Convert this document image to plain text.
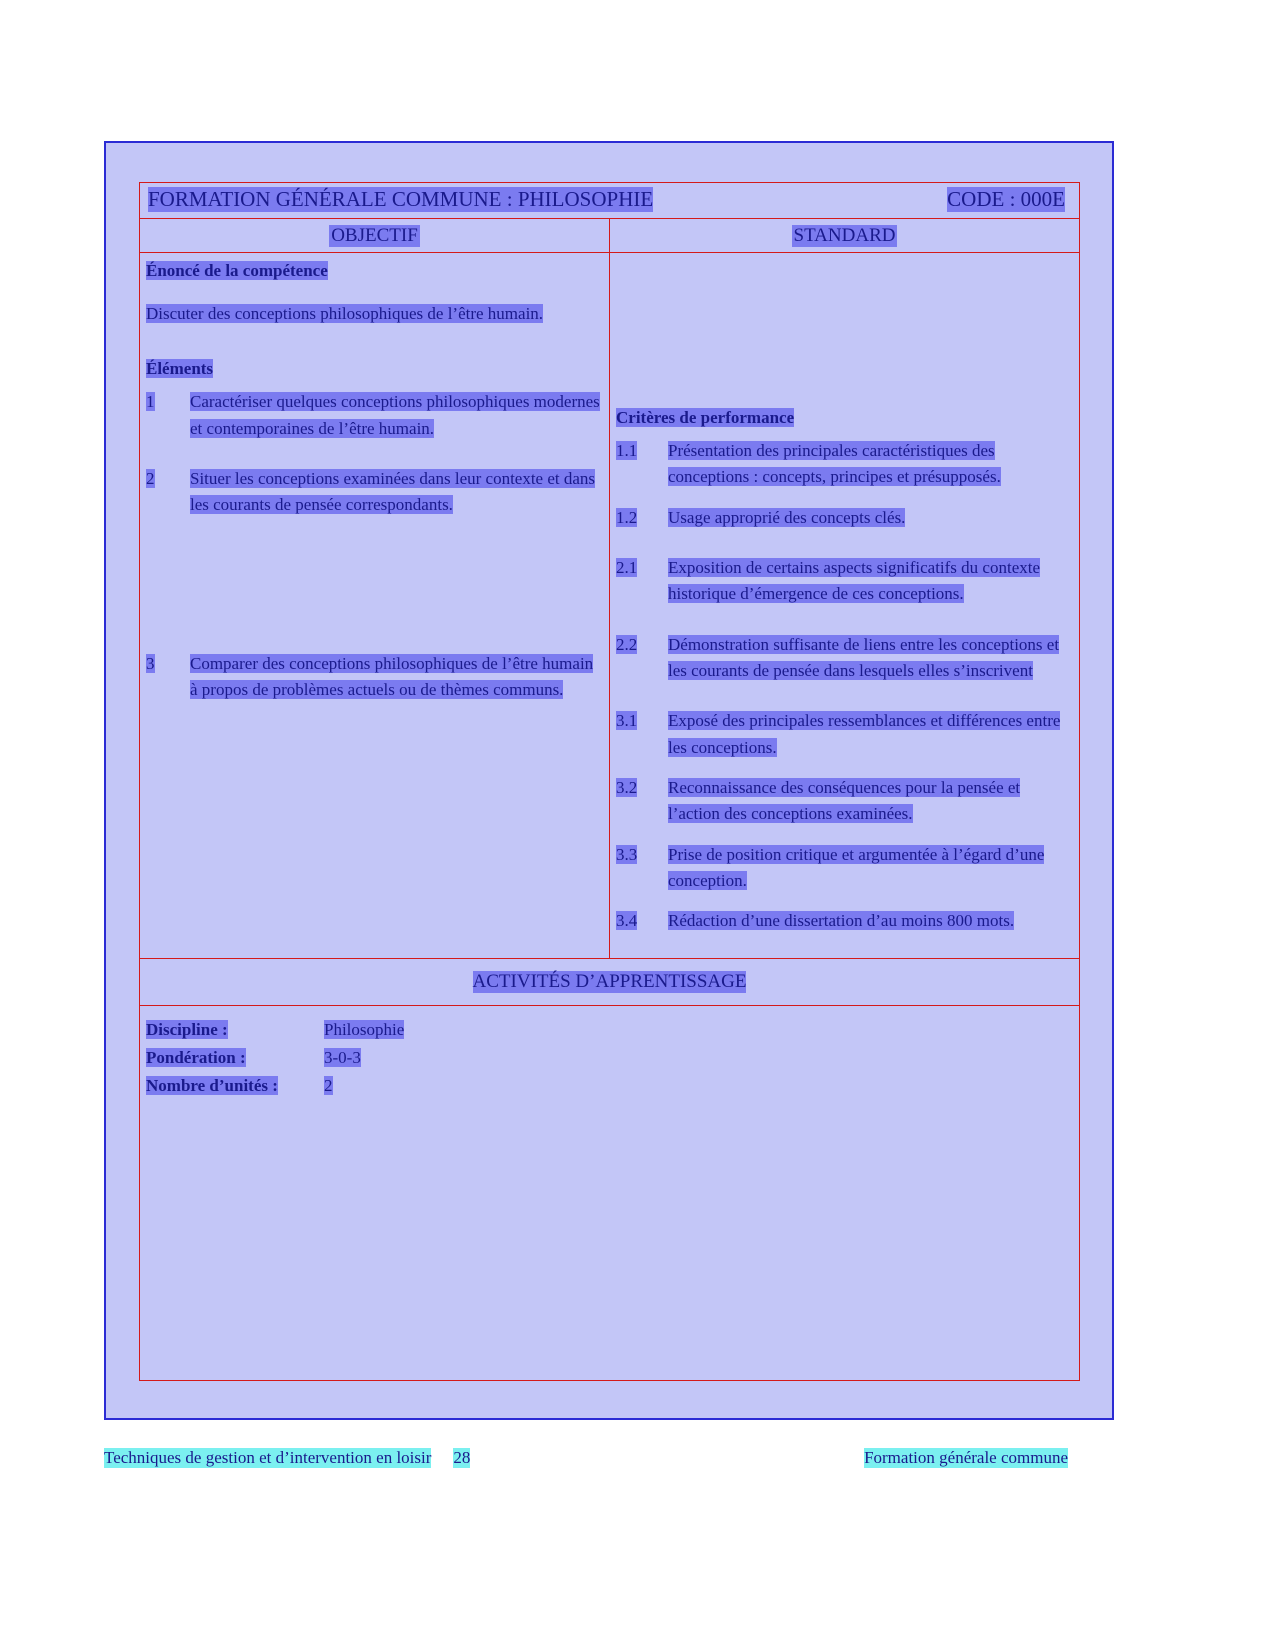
FORMATION GÉNÉRALE COMMUNE : PHILOSOPHIE	CODE : 000E
OBJECTIF	STANDARD
Énoncé de la compétence
Discuter des conceptions philosophiques de l’être humain.
Éléments
1	Caractériser quelques conceptions philosophiques modernes et contemporaines de l’être humain.
2	Situer les conceptions examinées dans leur contexte et dans les courants de pensée correspondants.
3	Comparer des conceptions philosophiques de l’être humain à propos de problèmes actuels ou de thèmes communs.
Critères de performance
1.1	Présentation des principales caractéristiques des conceptions : concepts, principes et présupposés.
1.2	Usage approprié des concepts clés.
2.1	Exposition de certains aspects significatifs du contexte historique d’émergence de ces conceptions.
2.2	Démonstration suffisante de liens entre les conceptions et les courants de pensée dans lesquels elles s’inscrivent
3.1	Exposé des principales ressemblances et différences entre les conceptions.
3.2	Reconnaissance des conséquences pour la pensée et l’action des conceptions examinées.
3.3	Prise de position critique et argumentée à l’égard d’une conception.
3.4	Rédaction d’une dissertation d’au moins 800 mots.
ACTIVITÉS D’APPRENTISSAGE
Discipline :	Philosophie
Pondération :	3-0-3
Nombre d’unités :	2
Techniques de gestion et d’intervention en loisir 28	Formation générale commune
